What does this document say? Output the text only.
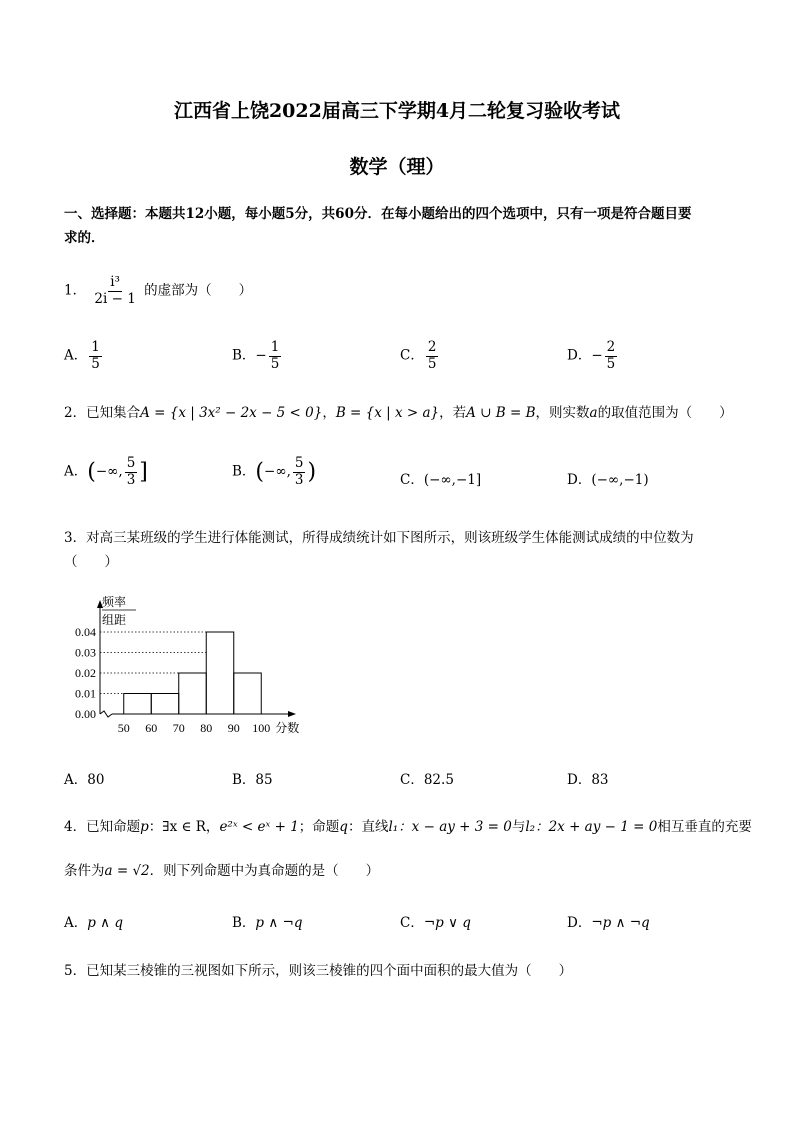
江西省上饶2022届高三下学期4月二轮复习验收考试
数学（理）
一、选择题：本题共12小题，每小题5分，共60分．在每小题给出的四个选项中，只有一项是符合题目要
求的．
1． $\frac{\text{i³}}{2i - 1}$ 的虚部为（　　）
A． $\frac{1}{5}$	B．− $\frac{1}{5}$	C． $\frac{2}{5}$	D．− $\frac{2}{5}$
2．已知集合A = {x | 3x² − 2x − 5 < 0}，B = {x | x > a}，若A ∪ B = B，则实数a的取值范围为（　　）
A．(−∞, $\frac{5}{3}$ ]	B．(−∞, $\frac{5}{3}$ )	C．(−∞,−1]	D．(−∞,−1)
3．对高三某班级的学生进行体能测试，所得成绩统计如下图所示，则该班级学生体能测试成绩的中位数为
（　　）
0.00
0.01
0.02
0.03
0.04
50 60 70 80 90 100
频率
组距
分数
A．80	B．85	C．82.5	D．83
4．已知命题p：∃x ∈ R，e²ˣ < eˣ + 1；命题q：直线l₁：x − ay + 3 = 0与l₂：2x + ay − 1 = 0相互垂直的充要
条件为a = √2．则下列命题中为真命题的是（　　）
A．p ∧ q	B．p ∧ ¬q	C．¬p ∨ q	D．¬p ∧ ¬q
5．已知某三棱锥的三视图如下所示，则该三棱锥的四个面中面积的最大值为（　　）
